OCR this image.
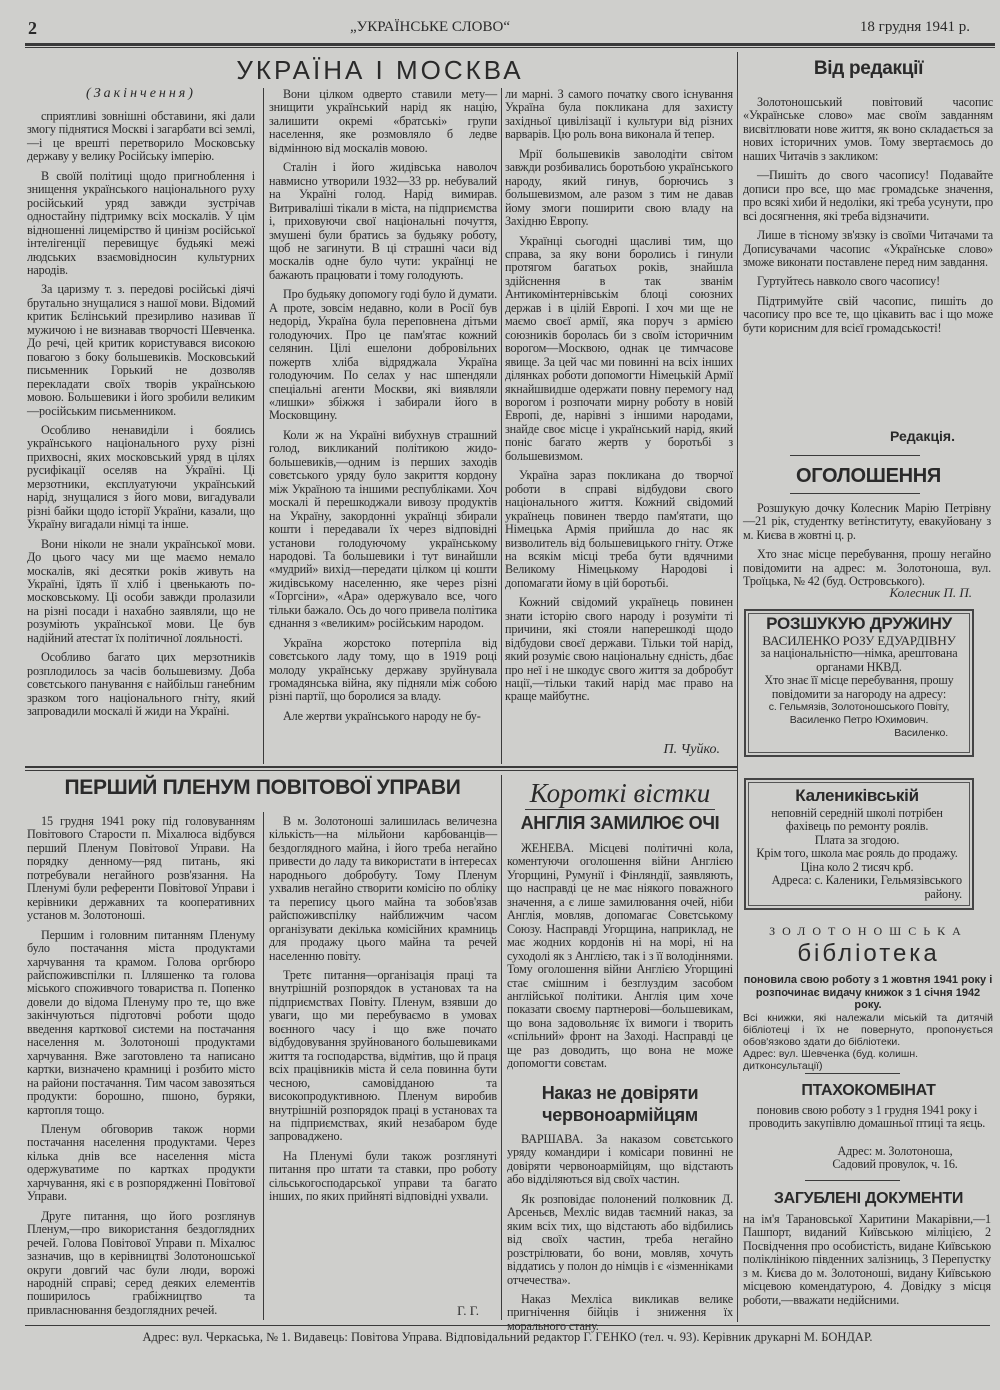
2	„УКРАЇНСЬКЕ СЛОВО“	18 грудня 1941 р.
УКРАЇНА І МОСКВА
(Закінчення)

сприятливі зовнішні обставини, які дали змогу піднятися Москві і загарбати всі землі,—і це врешті перетворило Московську державу у велику Російську імперію.

В своїй політиці щодо пригноблення і знищення українського національного руху російський уряд завжди зустрічав одностайну підтримку всіх москалів. У цім відношенні лицемірство й цинізм російської інтелігенції перевищує будьякі межі людських взаємовідносин культурних народів.

За царизму т. з. передові російські діячі брутально знущалися з нашої мови. Відомий критик Бєлінський презирливо називав її мужичою і не визнавав творчості Шевченка. До речі, цей критик користувався високою повагою з боку большевиків. Московський письменник Горький не дозволяв перекладати своїх творів українською мовою. Большевики і його зробили великим—російським письменником.

Особливо ненавиділи і боялись українського національного руху різні прихвосні, яких московський уряд в цілях русифікації оселяв на Україні. Ці мерзотники, експлуатуючи український нарід, знущалися з його мови, вигадували різні байки щодо історії України, казали, що Україну вигадали німці та інше.

Вони ніколи не знали української мови. До цього часу ми ще маємо немало москалів, які десятки років живуть на Україні, їдять її хліб і цвенькають по-московському. Ці особи завжди пролазили на різні посади і нахабно заявляли, що не розуміють української мови. Це був надійний атестат їх політичної лояльності.

Особливо багато цих мерзотників розплодилось за часів большевизму. Доба совєтського панування є найбільш ганебним зразком того національного гніту, який запровадили москалі й жиди на Україні.

Вони цілком одверто ставили мету—знищити український нарід як націю, залишити окремі «братські» групи населення, яке розмовляло б ледве відмінною від москалів мовою.

Сталін і його жидівська наволоч навмисно утворили 1932—33 рр. небувалий на Україні голод. Нарід вимирав. Витриваліші тікали в міста, на підприємства і, приховуючи свої національні почуття, змушені були братись за будьяку роботу, щоб не загинути. В ці страшні часи від москалів одне було чути: українці не бажають працювати і тому голодують.

Про будьяку допомогу годі було й думати. А проте, зовсім недавно, коли в Росії був недорід, Україна була переповнена дітьми голодуючих. Про це пам'ятає кожний селянин. Цілі ешелони добровільних пожертв хліба відряджала Україна голодуючим. По селах у нас шпендяли спеціальні агенти Москви, які виявляли «лишки» збіжжя і забирали його в Московщину.

Коли ж на Україні вибухнув страшний голод, викликаний політикою жидо-большевиків,—одним із перших заходів совєтського уряду було закриття кордону між Україною та іншими республіками. Хоч москалі й перешкоджали вивозу продуктів на Україну, закордонні українці збирали кошти і передавали їх через відповідні установи голодуючому українському народові. Та большевики і тут винайшли «мудрий» вихід—передати цілком ці кошти жидівському населенню, яке через різні «Торгсіни», «Ара» одержувало все, чого тільки бажало. Ось до чого привела політика єднання з «великим» російським народом.

Україна жорстоко потерпіла від совєтського ладу тому, що в 1919 році молоду українську державу зруйнувала громадянська війна, яку підняли між собою різні партії, що боролися за владу.

Але жертви українського народу не бу-

ли марні. З самого початку свого існування Україна була покликана для захисту західньої цивілізації і культури від різних варварів. Цю роль вона виконала й тепер.

Мрії большевиків заволодіти світом завжди розбивались боротьбою українського народу, який гинув, борючись з большевизмом, але разом з тим не давав йому змоги поширити свою владу на Західню Европу.

Українці сьогодні щасливі тим, що справа, за яку вони боролись і гинули протягом багатьох років, знайшла здійснення в так званім Антикомінтернівськім блоці союзних держав і в цілій Европі. І хоч ми ще не маємо своєї армії, яка поруч з армією союзників боролась би з своїм історичним ворогом—Москвою, однак це тимчасове явище. За цей час ми повинні на всіх інших ділянках роботи допомогти Німецькій Армії якнайшвидше одержати повну перемогу над ворогом і розпочати мирну роботу в новій Европі, де, нарівні з іншими народами, знайде своє місце і український нарід, який поніс багато жертв у боротьбі з большевизмом.

Україна зараз покликана до творчої роботи в справі відбудови свого національного життя. Кожний свідомий українець повинен твердо пам'ятати, що Німецька Армія прийшла до нас як визволитель від большевицького гніту. Отже на всякім місці треба бути вдячними Великому Німецькому Народові і допомагати йому в цій боротьбі.

Кожний свідомий українець повинен знати історію свого народу і розуміти ті причини, які стояли наперешкоді щодо відбудови своєї держави. Тільки той нарід, який розуміє свою національну єдність, дбає про неї і не шкодує свого життя за добробут нації,—тільки такий нарід має право на краще майбутнє.

П. Чуйко.
ПЕРШИЙ ПЛЕНУМ ПОВІТОВОЇ УПРАВИ

15 грудня 1941 року під головуванням Повітового Старости п. Міхалюса відбувся перший Пленум Повітової Управи. На порядку денному—ряд питань, які потребували негайного розв'язання. На Пленумі були референти Повітової Управи і керівники державних та кооперативних установ м. Золотоноші.

Першим і головним питанням Пленуму було постачання міста продуктами харчування та крамом. Голова оргбюро райспоживспілки п. Ілляшенко та голова міського споживчого товариства п. Попенко довели до відома Пленуму про те, що вже закінчуються підготовчі роботи щодо введення карткової системи на постачання населення м. Золотоноші продуктами харчування. Вже заготовлено та написано картки, визначено крамниці і розбито місто на райони постачання. Тим часом завозяться продукти: борошно, пшоно, буряки, картопля тощо.

Пленум обговорив також норми постачання населення продуктами. Через кілька днів все населення міста одержуватиме по картках продукти харчування, які є в розпорядженні Повітової Управи.

Друге питання, що його розглянув Пленум,—про використання бездоглядних речей. Голова Повітової Управи п. Міхалюс зазначив, що в керівництві Золотоношської округи довгий час були люди, ворожі народній справі; серед деяких елементів поширилось грабіжництво та привласнювання бездоглядних речей.

В м. Золотоноші залишилась величезна кількість—на мільйони карбованців—бездоглядного майна, і його треба негайно привести до ладу та використати в інтересах народнього добробуту. Тому Пленум ухвалив негайно створити комісію по обліку та перепису цього майна та зобов'язав райспоживспілку найближчим часом організувати декілька комісійних крамниць для продажу цього майна та речей населенню повіту.

Третє питання—організація праці та внутрішній розпорядок в установах та на підприємствах Повіту. Пленум, взявши до уваги, що ми перебуваємо в умовах воєнного часу і що вже почато відбудовування зруйнованого большевиками життя та господарства, відмітив, що й праця всіх працівників міста й села повинна бути чесною, самовідданою та високопродуктивною. Пленум виробив внутрішній розпорядок праці в установах та на підприємствах, який незабаром буде запроваджено.

На Пленумі були також розглянуті питання про штати та ставки, про роботу сільськогосподарської управи та багато інших, по яких прийняті відповідні ухвали.

Г. Г.
Короткі вістки
АНГЛІЯ ЗАМИЛЮЄ ОЧІ

ЖЕНЕВА. Місцеві політичні кола, коментуючи оголошення війни Англією Угорщині, Румунії і Фінляндії, заявляють, що насправді це не має ніякого поважного значення, а є лише замилювання очей, ніби Англія, мовляв, допомагає Совєтському Союзу. Насправді Угорщина, наприклад, не має жодних кордонів ні на морі, ні на суходолі як з Англією, так і з її володіннями. Тому оголошення війни Англією Угорщині стає смішним і безглуздим засобом англійської політики. Англія цим хоче показати своєму партнерові—большевикам, що вона задовольняє їх вимоги і творить «спільний» фронт на Заході. Насправді це ще раз доводить, що вона не може допомогти совєтам.

Наказ не довіряти червоноармійцям

ВАРШАВА. За наказом совєтського уряду командири і комісари повинні не довіряти червоноармійцям, що відстають або відділяються від своїх частин.

Як розповідає полонений полковник Д. Арсеньєв, Мехліс видав таємний наказ, за яким всіх тих, що відстають або відбились від своїх частин, треба негайно розстрілювати, бо вони, мовляв, хочуть віддатись у полон до німців і є «ізменніками отчечества».

Наказ Мехліса викликав велике пригнічення бійців і зниження їх

Від редакції

Золотоношський повітовий часопис «Українське слово» має своїм завданням висвітлювати нове життя, як воно складається за нових історичних умов. Тому звертаємось до наших Читачів з закликом:

—Пишіть до свого часопису! Подавайте дописи про все, що має громадське значення, про всякі хиби й недоліки, які треба усунути, про всі досягнення, які треба відзначити.

Лише в тісному зв'язку із своїми Читачами та Дописувачами часопис «Українське слово» зможе виконати поставлене перед ним завдання.

Гуртуйтесь навколо свого часопису!

Підтримуйте свій часопис, пишіть до часопису про все те, що цікавить вас і що може бути корисним для всієї громадськості!

Редакція.
ОГОЛОШЕННЯ

Розшукую дочку Колесник Марію Петрівну—21 рік, студентку ветінституту, евакуйовану з м. Києва в жовтні ц. р.

Хто знає місце перебування, прошу негайно повідомити на адрес: м. Золотоноша, вул. Троїцька, № 42 (буд. Островського).

Колесник П. П.
РОЗШУКУЮ ДРУЖИНУ
ВАСИЛЕНКО РОЗУ ЕДУАРДІВНУ

за національністю—німка, арештована органами НКВД.

Хто знає її місце перебування, прошу повідомити за нагороду на адресу:

с. Гельмязів, Золотоношського Повіту, Василенко Петро Юхимович.
Василенко.
Калениківській

неповній середній школі потрібен фахівець по ремонту роялів.

Плата за згодою.

Крім того, школа має рояль до продажу. Ціна коло 2 тисяч крб.

Адреса: с. Каленики, Гельмязівського району.
ЗОЛОТОНОШСЬКА
бібліотека
поновила свою роботу з 1 жовтня 1941 року і розпочинає видачу книжок з 1 січня 1942 року.
Всі книжки, які належали міській та дитячій бібліотеці і їх не повернуто, пропонується обов'язково здати до бібліотеки.
Адрес: вул. Шевченка (буд. колишн. дитконсультації)
ПТАХОКОМБІНАТ
поновив свою роботу з 1 грудня 1941 року і проводить закупівлю домашньої птиці та яєць.
Адрес: м. Золотоноша, Садовий провулок, ч. 16.
ЗАГУБЛЕНІ ДОКУМЕНТИ
на ім'я Тарановської Харитини Макарівни,—1 Пашпорт, виданий Київською міліцією, 2 Посвідчення про особистість, видане Київською поліклінікою південних залізниць, 3 Перепустку з м. Києва до м. Золотоноші, видану Київською місцевою комендатурою, 4. Довідку з місця роботи,—вважати недійсними.
Адрес: вул. Черкаська, № 1. Видавець: Повітова Управа. Відповідальний редактор Г. ГЕНКО (тел. ч. 93). Керівник друкарні М. БОНДАР.
